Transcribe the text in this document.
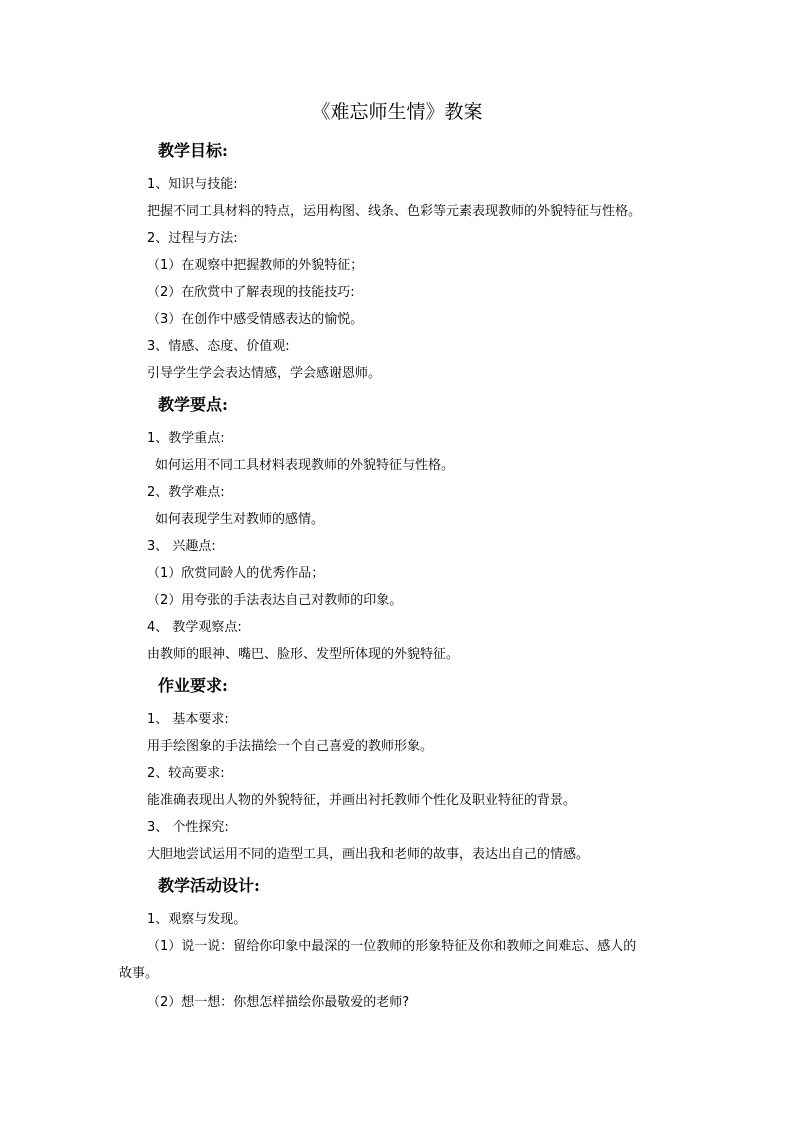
《难忘师生情》教案
教学目标:
1、知识与技能:
把握不同工具材料的特点，运用构图、线条、色彩等元素表现教师的外貌特征与性格。
2、过程与方法:
（1）在观察中把握教师的外貌特征；
（2）在欣赏中了解表现的技能技巧:
（3）在创作中感受情感表达的愉悦。
3、情感、态度、价值观:
引导学生学会表达情感，学会感谢恩师。
教学要点:
1、教学重点:
如何运用不同工具材料表现教师的外貌特征与性格。
2、教学难点:
如何表现学生对教师的感情。
3、 兴趣点:
（1）欣赏同龄人的优秀作品；
（2）用夸张的手法表达自己对教师的印象。
4、 教学观察点:
由教师的眼神、嘴巴、脸形、发型所体现的外貌特征。
作业要求:
1、 基本要求:
用手绘图象的手法描绘一个自己喜爱的教师形象。
2、较高要求:
能准确表现出人物的外貌特征，并画出衬托教师个性化及职业特征的背景。
3、 个性探究:
大胆地尝试运用不同的造型工具，画出我和老师的故事，表达出自己的情感。
教学活动设计:
1、观察与发现。
（1）说一说：留给你印象中最深的一位教师的形象特征及你和教师之间难忘、感人的
故事。
（2）想一想：你想怎样描绘你最敬爱的老师?
